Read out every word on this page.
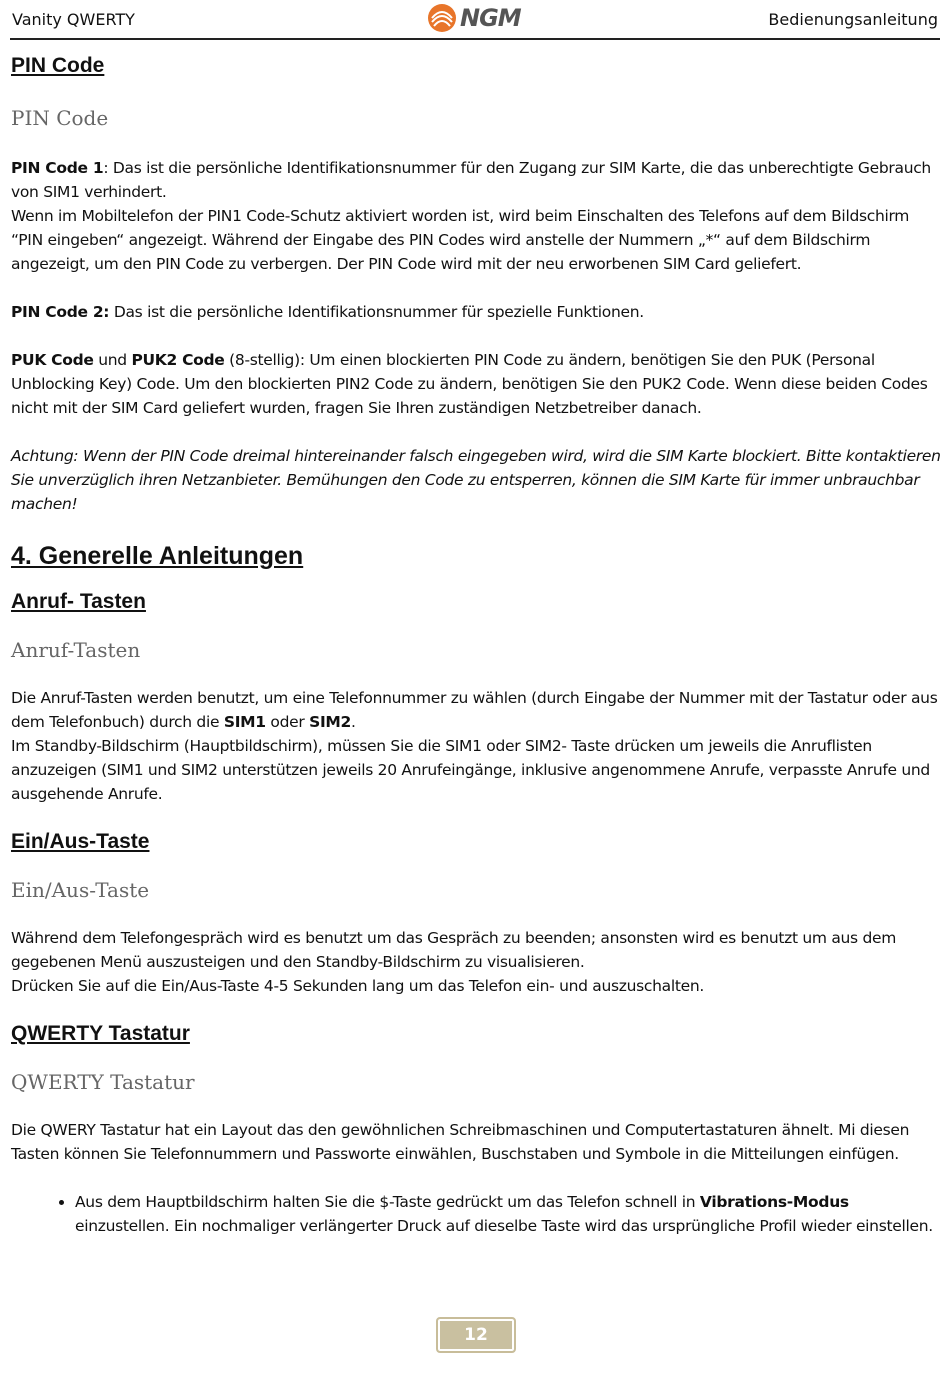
Vanity QWERTY	NGM	Bedienungsanleitung
PIN Code
PIN Code

PIN Code 1: Das ist die persönliche Identifikationsnummer für den Zugang zur SIM Karte, die das unberechtigte Gebrauch von SIM1 verhindert.

Wenn im Mobiltelefon der PIN1 Code-Schutz aktiviert worden ist, wird beim Einschalten des Telefons auf dem Bildschirm “PIN eingeben“ angezeigt. Während der Eingabe des PIN Codes wird anstelle der Nummern „*“ auf dem Bildschirm angezeigt, um den PIN Code zu verbergen. Der PIN Code wird mit der neu erworbenen SIM Card geliefert.

PIN Code 2: Das ist die persönliche Identifikationsnummer für spezielle Funktionen.

PUK Code und PUK2 Code (8-stellig): Um einen blockierten PIN Code zu ändern, benötigen Sie den PUK (Personal Unblocking Key) Code. Um den blockierten PIN2 Code zu ändern, benötigen Sie den PUK2 Code. Wenn diese beiden Codes nicht mit der SIM Card geliefert wurden, fragen Sie Ihren zuständigen Netzbetreiber danach.

Achtung: Wenn der PIN Code dreimal hintereinander falsch eingegeben wird, wird die SIM Karte blockiert. Bitte kontaktieren Sie unverzüglich ihren Netzanbieter. Bemühungen den Code zu entsperren, können die SIM Karte für immer unbrauchbar machen!

4. Generelle Anleitungen
Anruf- Tasten
Anruf-Tasten

Die Anruf-Tasten werden benutzt, um eine Telefonnummer zu wählen (durch Eingabe der Nummer mit der Tastatur oder aus dem Telefonbuch) durch die SIM1 oder SIM2.

Im Standby-Bildschirm (Hauptbildschirm), müssen Sie die SIM1 oder SIM2- Taste drücken um jeweils die Anruflisten anzuzeigen (SIM1 und SIM2 unterstützen jeweils 20 Anrufeingänge, inklusive angenommene Anrufe, verpasste Anrufe und ausgehende Anrufe.

Ein/Aus-Taste
Ein/Aus-Taste

Während dem Telefongespräch wird es benutzt um das Gespräch zu beenden; ansonsten wird es benutzt um aus dem gegebenen Menü auszusteigen und den Standby-Bildschirm zu visualisieren.

Drücken Sie auf die Ein/Aus-Taste 4-5 Sekunden lang um das Telefon ein- und auszuschalten.

QWERTY Tastatur
QWERTY Tastatur

Die QWERY Tastatur hat ein Layout das den gewöhnlichen Schreibmaschinen und Computertastaturen ähnelt. Mi diesen Tasten können Sie Telefonnummern und Passworte einwählen, Buschstaben und Symbole in die Mitteilungen einfügen.

• Aus dem Hauptbildschirm halten Sie die $-Taste gedrückt um das Telefon schnell in Vibrations-Modus einzustellen. Ein nochmaliger verlängerter Druck auf dieselbe Taste wird das ursprüngliche Profil wieder einstellen.
12
